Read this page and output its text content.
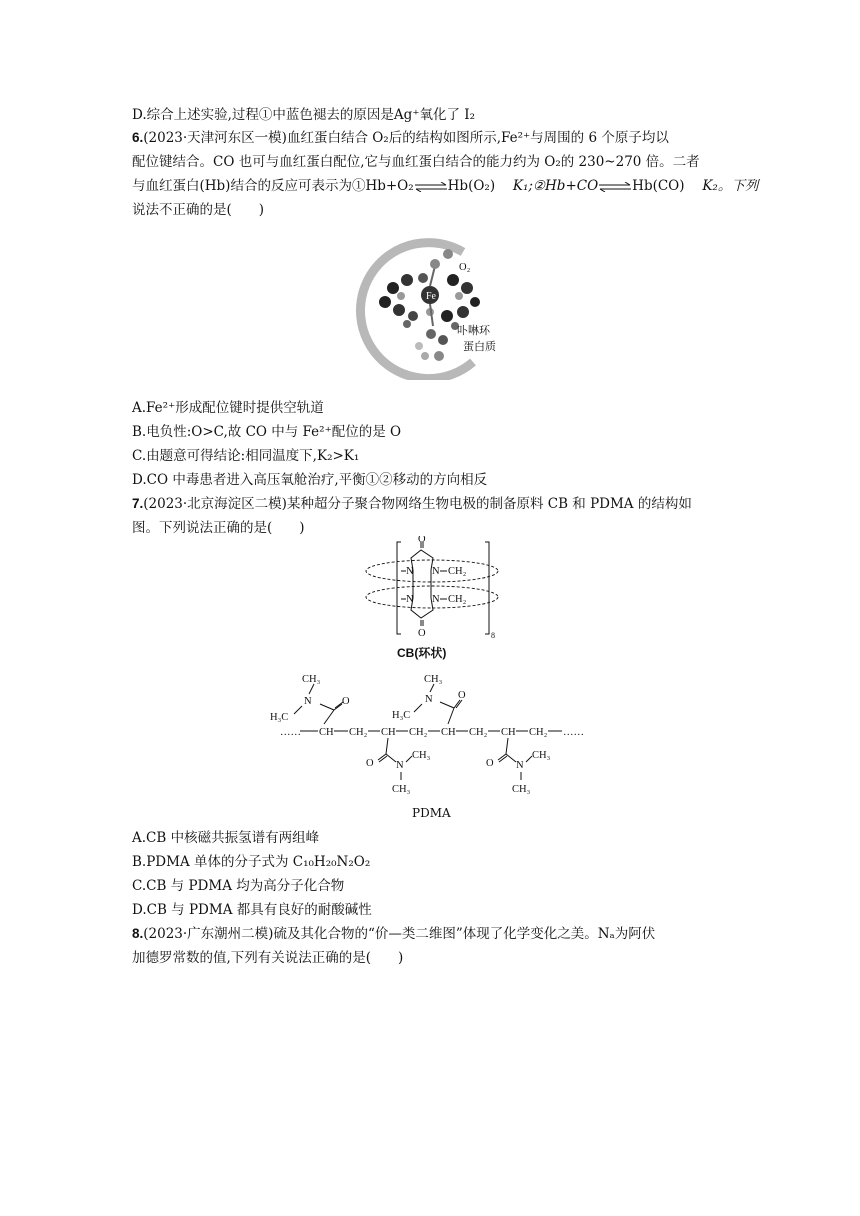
D.综合上述实验,过程①中蓝色褪去的原因是Ag⁺氧化了 I₂
6.(2023·天津河东区一模)血红蛋白结合 O₂后的结构如图所示,Fe²⁺与周围的 6 个原子均以
配位键结合。CO 也可与血红蛋白配位,它与血红蛋白结合的能力约为 O₂的 230~270 倍。二者
与血红蛋白(Hb)结合的反应可表示为①Hb+O₂⇌Hb(O₂)　 K₁;②Hb+CO⇌Hb(CO)　 K₂。下列
说法不正确的是(　　)
Fe
O₂
卟啉环
蛋白质
A.Fe²⁺形成配位键时提供空轨道
B.电负性:O>C,故 CO 中与 Fe²⁺配位的是 O
C.由题意可得结论:相同温度下,K₂>K₁
D.CO 中毒患者进入高压氧舱治疗,平衡①②移动的方向相反
7.(2023·北京海淀区二模)某种超分子聚合物网络生物电极的制备原料 CB 和 PDMA 的结构如
图。下列说法正确的是(　　)
8
O
O
N N
N N
CH₂
CH₂
CB(环状)
…… CH CH₂ CH CH₂ CH CH₂ CH CH₂ ……
O
N
CH₃
H₃C
O
N
CH₃
H₃C
O N
CH₃
CH₃
O N
CH₃
CH₃
PDMA
A.CB 中核磁共振氢谱有两组峰
B.PDMA 单体的分子式为 C₁₀H₂₀N₂O₂
C.CB 与 PDMA 均为高分子化合物
D.CB 与 PDMA 都具有良好的耐酸碱性
8.(2023·广东潮州二模)硫及其化合物的“价—类二维图”体现了化学变化之美。Nₐ为阿伏
加德罗常数的值,下列有关说法正确的是(　　)
